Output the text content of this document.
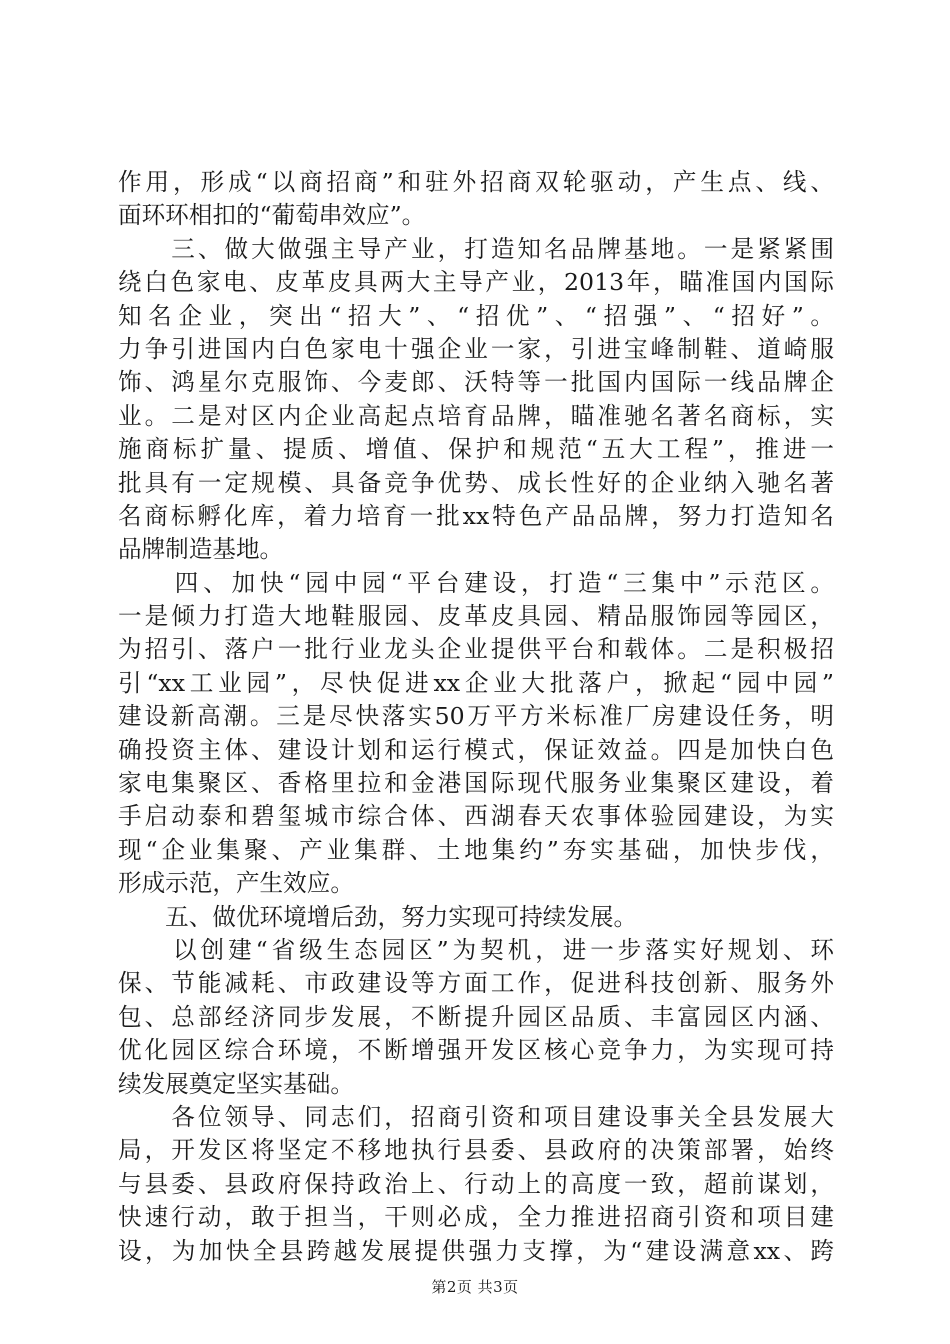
作用，形成“以商招商”和驻外招商双轮驱动，产生点、线、
面环环相扣的“葡萄串效应”。
　　三、做大做强主导产业，打造知名品牌基地。一是紧紧围
绕白色家电、皮革皮具两大主导产业，2013年，瞄准国内国际
知名企业，突出“招大”、“招优”、“招强”、“招好”。
力争引进国内白色家电十强企业一家，引进宝峰制鞋、道崎服
饰、鸿星尔克服饰、今麦郎、沃特等一批国内国际一线品牌企
业。二是对区内企业高起点培育品牌，瞄准驰名著名商标，实
施商标扩量、提质、增值、保护和规范“五大工程”，推进一
批具有一定规模、具备竞争优势、成长性好的企业纳入驰名著
名商标孵化库，着力培育一批xx特色产品品牌，努力打造知名
品牌制造基地。
　　四、加快“园中园“平台建设，打造“三集中”示范区。
一是倾力打造大地鞋服园、皮革皮具园、精品服饰园等园区，
为招引、落户一批行业龙头企业提供平台和载体。二是积极招
引“xx工业园”，尽快促进xx企业大批落户，掀起“园中园”
建设新高潮。三是尽快落实50万平方米标准厂房建设任务，明
确投资主体、建设计划和运行模式，保证效益。四是加快白色
家电集聚区、香格里拉和金港国际现代服务业集聚区建设，着
手启动泰和碧玺城市综合体、西湖春天农事体验园建设，为实
现“企业集聚、产业集群、土地集约”夯实基础，加快步伐，
形成示范，产生效应。
　　五、做优环境增后劲，努力实现可持续发展。
　　以创建“省级生态园区”为契机，进一步落实好规划、环
保、节能减耗、市政建设等方面工作，促进科技创新、服务外
包、总部经济同步发展，不断提升园区品质、丰富园区内涵、
优化园区综合环境，不断增强开发区核心竞争力，为实现可持
续发展奠定坚实基础。
　　各位领导、同志们，招商引资和项目建设事关全县发展大
局，开发区将坚定不移地执行县委、县政府的决策部署，始终
与县委、县政府保持政治上、行动上的高度一致，超前谋划，
快速行动，敢于担当，干则必成，全力推进招商引资和项目建
设，为加快全县跨越发展提供强力支撑，为“建设满意xx、跨
第2页 共3页
